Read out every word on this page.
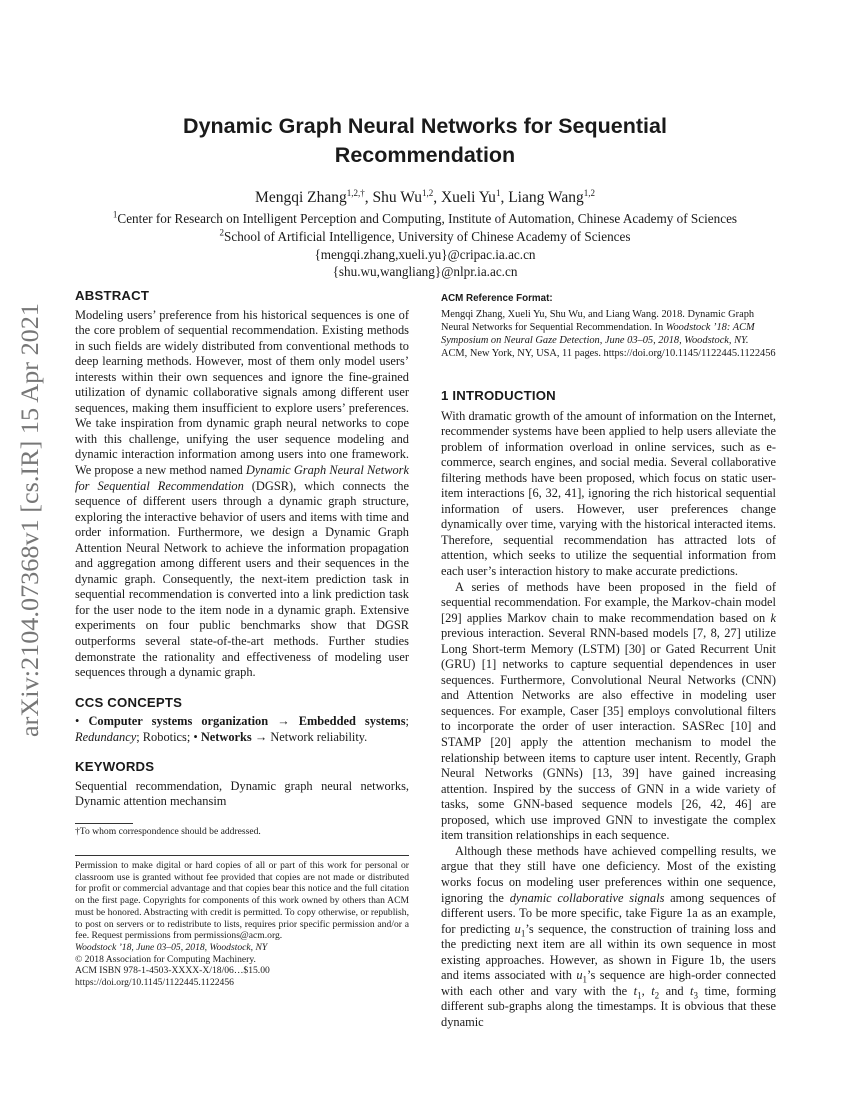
arXiv:2104.07368v1 [cs.IR] 15 Apr 2021
Dynamic Graph Neural Networks for Sequential
Recommendation
Mengqi Zhang$^{1,2,\dagger}$, Shu Wu$^{1,2}$, Xueli Yu$^1$, Liang Wang$^{1,2}$
$^1$Center for Research on Intelligent Perception and Computing, Institute of Automation, Chinese Academy of Sciences
$^2$School of Artificial Intelligence, University of Chinese Academy of Sciences
{mengqi.zhang,xueli.yu}@cripac.ia.ac.cn
{shu.wu,wangliang}@nlpr.ia.ac.cn
ABSTRACT

Modeling users’ preference from his historical sequences is one of the core problem of sequential recommendation. Existing methods in such fields are widely distributed from conventional methods to deep learning methods. However, most of them only model users’ interests within their own sequences and ignore the fine-grained utilization of dynamic collaborative signals among different user sequences, making them insufficient to explore users’ preferences. We take inspiration from dynamic graph neural networks to cope with this challenge, unifying the user sequence modeling and dynamic interaction information among users into one framework. We propose a new method named Dynamic Graph Neural Network for Sequential Recommendation (DGSR), which connects the sequence of different users through a dynamic graph structure, exploring the interactive behavior of users and items with time and order information. Furthermore, we design a Dynamic Graph Attention Neural Network to achieve the information propagation and aggregation among different users and their sequences in the dynamic graph. Consequently, the next-item prediction task in sequential recommendation is converted into a link prediction task for the user node to the item node in a dynamic graph. Extensive experiments on four public benchmarks show that DGSR outperforms several state-of-the-art methods. Further studies demonstrate the rationality and effectiveness of modeling user sequences through a dynamic graph.

CCS CONCEPTS

• Computer systems organization → Embedded systems; Redundancy; Robotics; • Networks → Network reliability.

KEYWORDS

Sequential recommendation, Dynamic graph neural networks, Dynamic attention mechansim

†To whom correspondence should be addressed.

Permission to make digital or hard copies of all or part of this work for personal or classroom use is granted without fee provided that copies are not made or distributed for profit or commercial advantage and that copies bear this notice and the full citation on the first page. Copyrights for components of this work owned by others than ACM must be honored. Abstracting with credit is permitted. To copy otherwise, or republish, to post on servers or to redistribute to lists, requires prior specific permission and/or a fee. Request permissions from permissions@acm.org.

Woodstock ’18, June 03–05, 2018, Woodstock, NY

© 2018 Association for Computing Machinery.

ACM ISBN 978-1-4503-XXXX-X/18/06…$15.00

https://doi.org/10.1145/1122445.1122456

ACM Reference Format:

Mengqi Zhang, Xueli Yu, Shu Wu, and Liang Wang. 2018. Dynamic Graph Neural Networks for Sequential Recommendation. In Woodstock ’18: ACM Symposium on Neural Gaze Detection, June 03–05, 2018, Woodstock, NY. ACM, New York, NY, USA, 11 pages. https://doi.org/10.1145/1122445.1122456

1 INTRODUCTION

With dramatic growth of the amount of information on the Internet, recommender systems have been applied to help users alleviate the problem of information overload in online services, such as e-commerce, search engines, and social media. Several collaborative filtering methods have been proposed, which focus on static user-item interactions [6, 32, 41], ignoring the rich historical sequential information of users. However, user preferences change dynamically over time, varying with the historical interacted items. Therefore, sequential recommendation has attracted lots of attention, which seeks to utilize the sequential information from each user’s interaction history to make accurate predictions.

A series of methods have been proposed in the field of sequential recommendation. For example, the Markov-chain model [29] applies Markov chain to make recommendation based on k previous interaction. Several RNN-based models [7, 8, 27] utilize Long Short-term Memory (LSTM) [30] or Gated Recurrent Unit (GRU) [1] networks to capture sequential dependences in user sequences. Furthermore, Convolutional Neural Networks (CNN) and Attention Networks are also effective in modeling user sequences. For example, Caser [35] employs convolutional filters to incorporate the order of user interaction. SASRec [10] and STAMP [20] apply the attention mechanism to model the relationship between items to capture user intent. Recently, Graph Neural Networks (GNNs) [13, 39] have gained increasing attention. Inspired by the success of GNN in a wide variety of tasks, some GNN-based sequence models [26, 42, 46] are proposed, which use improved GNN to investigate the complex item transition relationships in each sequence.

Although these methods have achieved compelling results, we argue that they still have one deficiency. Most of the existing works focus on modeling user preferences within one sequence, ignoring the dynamic collaborative signals among sequences of different users. To be more specific, take Figure 1a as an example, for predicting $u_1’s$ sequence, the construction of training loss and the predicting next item are all within its own sequence in most existing approaches. However, as shown in Figure 1b, the users and items associated with $u_1’s$ sequence are high-order connected with each other and vary with the $t_1$, $t_2$ and $t_3$ time, forming different sub-graphs along the timestamps. It is obvious that these dynamic
